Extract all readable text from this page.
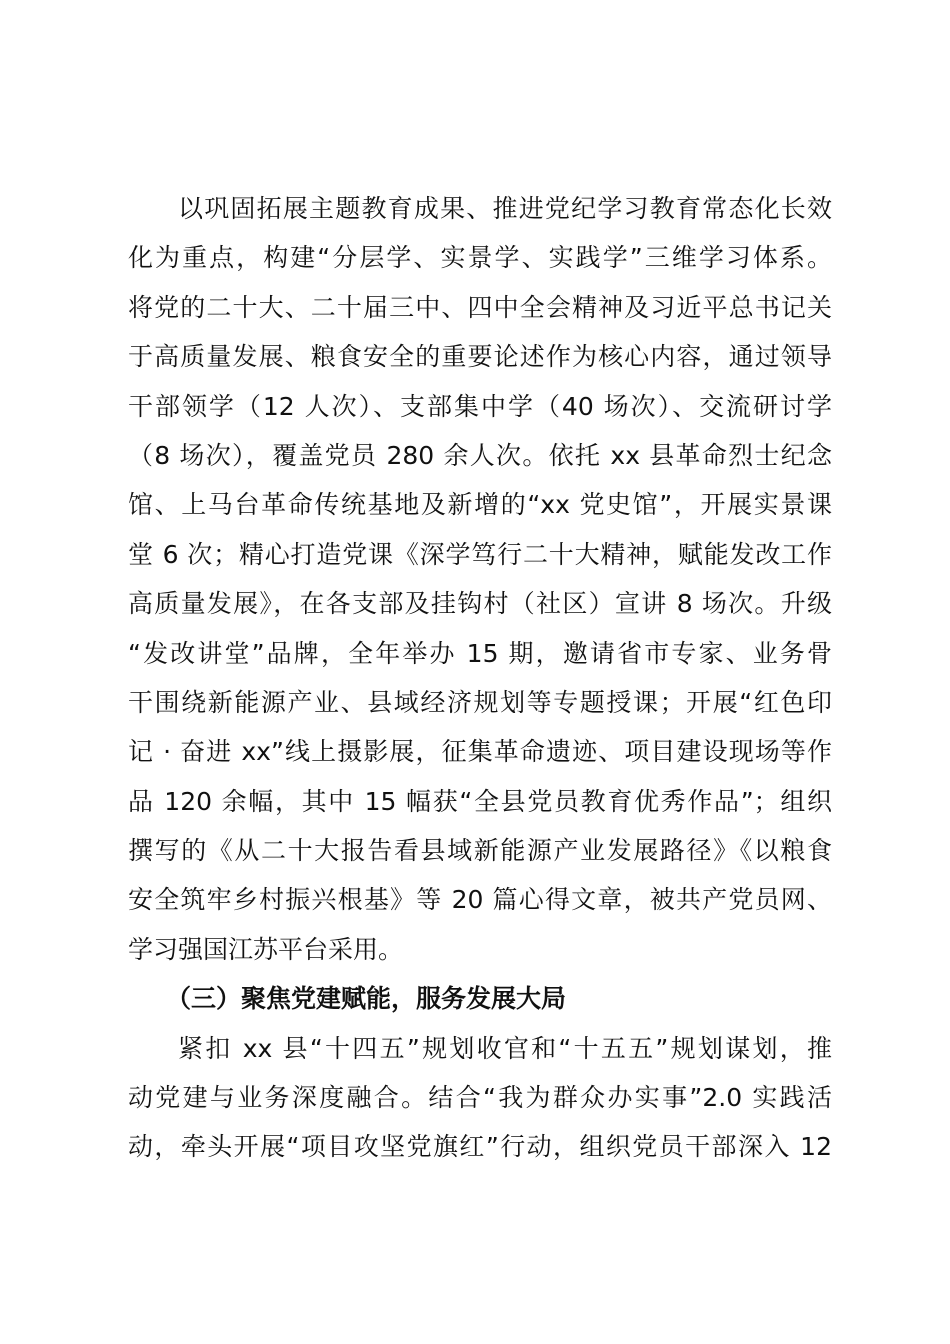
以巩固拓展主题教育成果、推进党纪学习教育常态化长效
化为重点，构建“分层学、实景学、实践学”三维学习体系。
将党的二十大、二十届三中、四中全会精神及习近平总书记关
于高质量发展、粮食安全的重要论述作为核心内容，通过领导
干部领学（12 人次）、支部集中学（40 场次）、交流研讨学
（8 场次），覆盖党员 280 余人次。依托 xx 县革命烈士纪念
馆、上马台革命传统基地及新增的“xx 党史馆”，开展实景课
堂 6 次；精心打造党课《深学笃行二十大精神，赋能发改工作
高质量发展》，在各支部及挂钩村（社区）宣讲 8 场次。升级
“发改讲堂”品牌，全年举办 15 期，邀请省市专家、业务骨
干围绕新能源产业、县域经济规划等专题授课；开展“红色印
记 · 奋进 xx”线上摄影展，征集革命遗迹、项目建设现场等作
品 120 余幅，其中 15 幅获“全县党员教育优秀作品”；组织
撰写的《从二十大报告看县域新能源产业发展路径》《以粮食
安全筑牢乡村振兴根基》等 20 篇心得文章，被共产党员网、
学习强国江苏平台采用。
（三）聚焦党建赋能，服务发展大局
紧扣 xx 县“十四五”规划收官和“十五五”规划谋划，推
动党建与业务深度融合。结合“我为群众办实事”2.0 实践活
动，牵头开展“项目攻坚党旗红”行动，组织党员干部深入 12
